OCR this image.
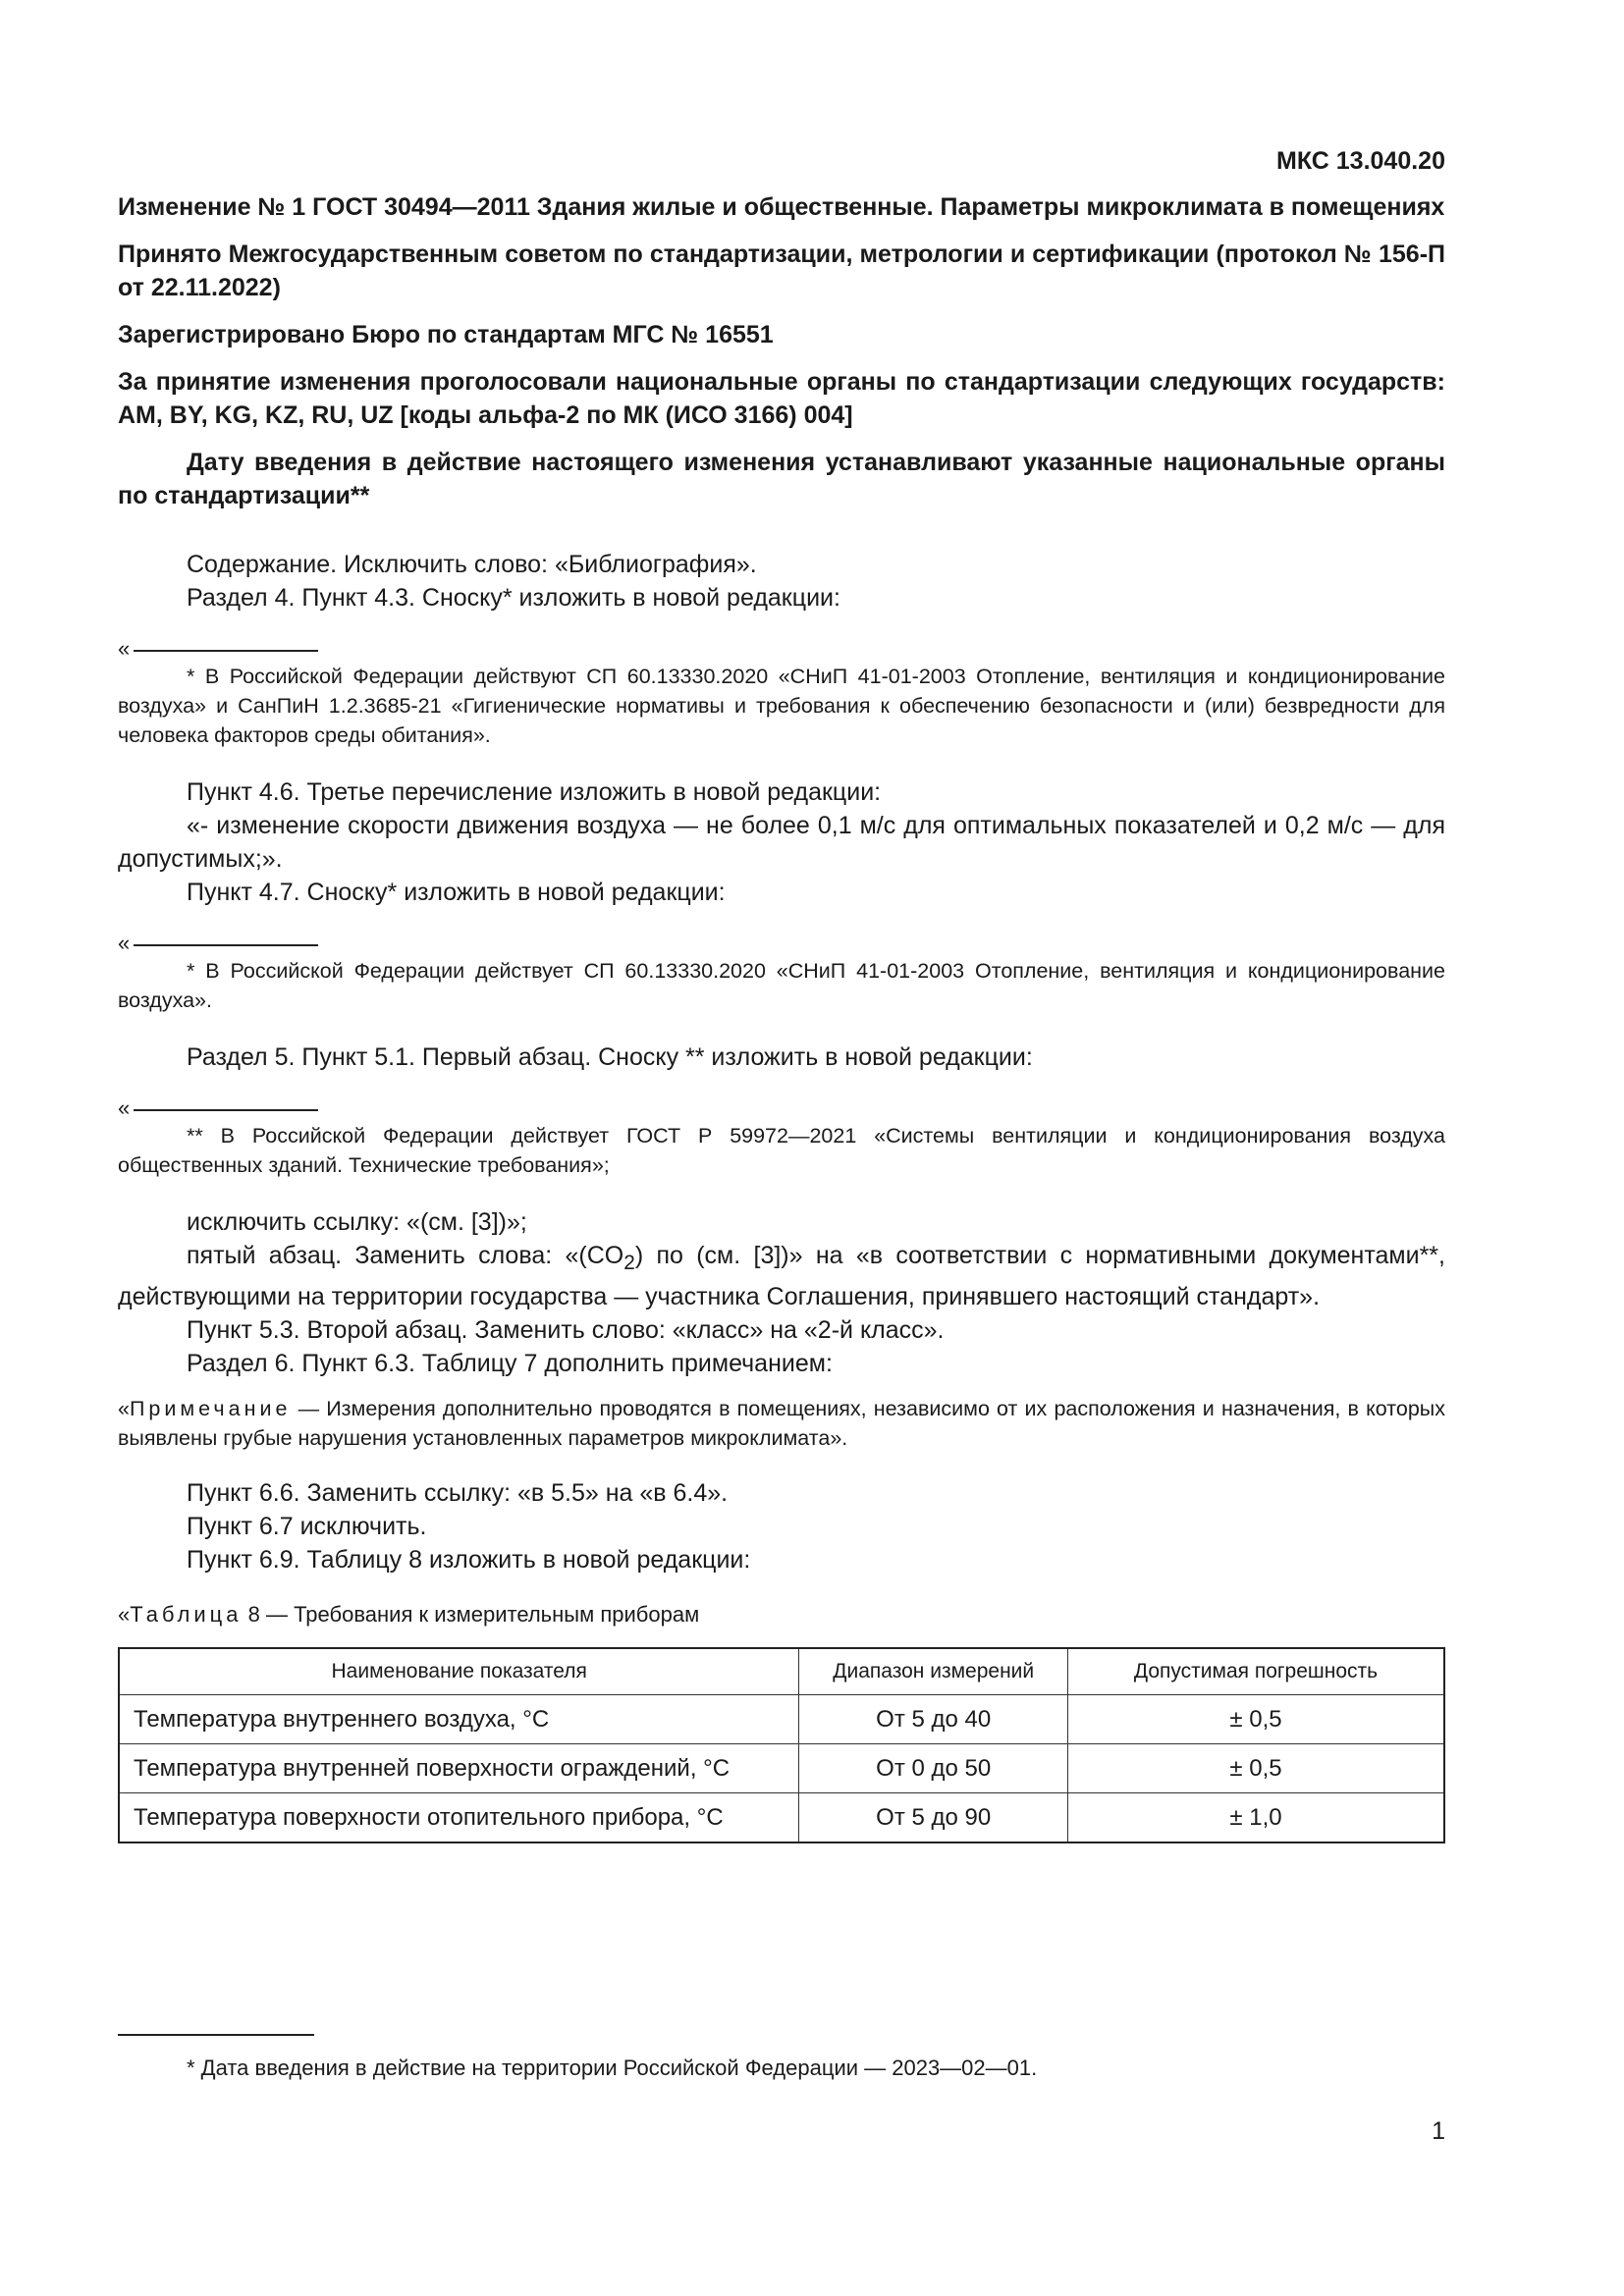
МКС 13.040.20
Изменение № 1 ГОСТ 30494—2011 Здания жилые и общественные. Параметры микроклимата в помещениях
Принято Межгосударственным советом по стандартизации, метрологии и сертификации (протокол № 156-П от 22.11.2022)
Зарегистрировано Бюро по стандартам МГС № 16551
За принятие изменения проголосовали национальные органы по стандартизации следующих государств: AM, BY, KG, KZ, RU, UZ [коды альфа-2 по МК (ИСО 3166) 004]
Дату введения в действие настоящего изменения устанавливают указанные национальные органы по стандартизации**

Содержание. Исключить слово: «Библиография».

Раздел 4. Пункт 4.3. Сноску* изложить в новой редакции:

«

* В Российской Федерации действуют СП 60.13330.2020 «СНиП 41-01-2003 Отопление, вентиляция и кондиционирование воздуха» и СанПиН 1.2.3685-21 «Гигиенические нормативы и требования к обеспечению безопасности и (или) безвредности для человека факторов среды обитания».

Пункт 4.6. Третье перечисление изложить в новой редакции:

«- изменение скорости движения воздуха — не более 0,1 м/с для оптимальных показателей и 0,2 м/с — для допустимых;».

Пункт 4.7. Сноску* изложить в новой редакции:

«

* В Российской Федерации действует СП 60.13330.2020 «СНиП 41-01-2003 Отопление, вентиляция и кондиционирование воздуха».

Раздел 5. Пункт 5.1. Первый абзац. Сноску ** изложить в новой редакции:

«

** В Российской Федерации действует ГОСТ Р 59972—2021 «Системы вентиляции и кондиционирования воздуха общественных зданий. Технические требования»;

исключить ссылку: «(см. [3])»;

пятый абзац. Заменить слова: «$(CO_2)$ по (см. [3])» на «в соответствии с нормативными документами**, действующими на территории государства — участника Соглашения, принявшего настоящий стандарт».

Пункт 5.3. Второй абзац. Заменить слово: «класс» на «2-й класс».

Раздел 6. Пункт 6.3. Таблицу 7 дополнить примечанием:

«Примечание — Измерения дополнительно проводятся в помещениях, независимо от их расположения и назначения, в которых выявлены грубые нарушения установленных параметров микроклимата».

Пункт 6.6. Заменить ссылку: «в 5.5» на «в 6.4».

Пункт 6.7 исключить.

Пункт 6.9. Таблицу 8 изложить в новой редакции:

«Таблица 8 — Требования к измерительным приборам
Наименование показателя	Диапазон измерений	Допустимая погрешность
Температура внутреннего воздуха, °С	От 5 до 40	± 0,5
Температура внутренней поверхности ограждений, °С	От 0 до 50	± 0,5
Температура поверхности отопительного прибора, °С	От 5 до 90	± 1,0
* Дата введения в действие на территории Российской Федерации — 2023—02—01.
1
